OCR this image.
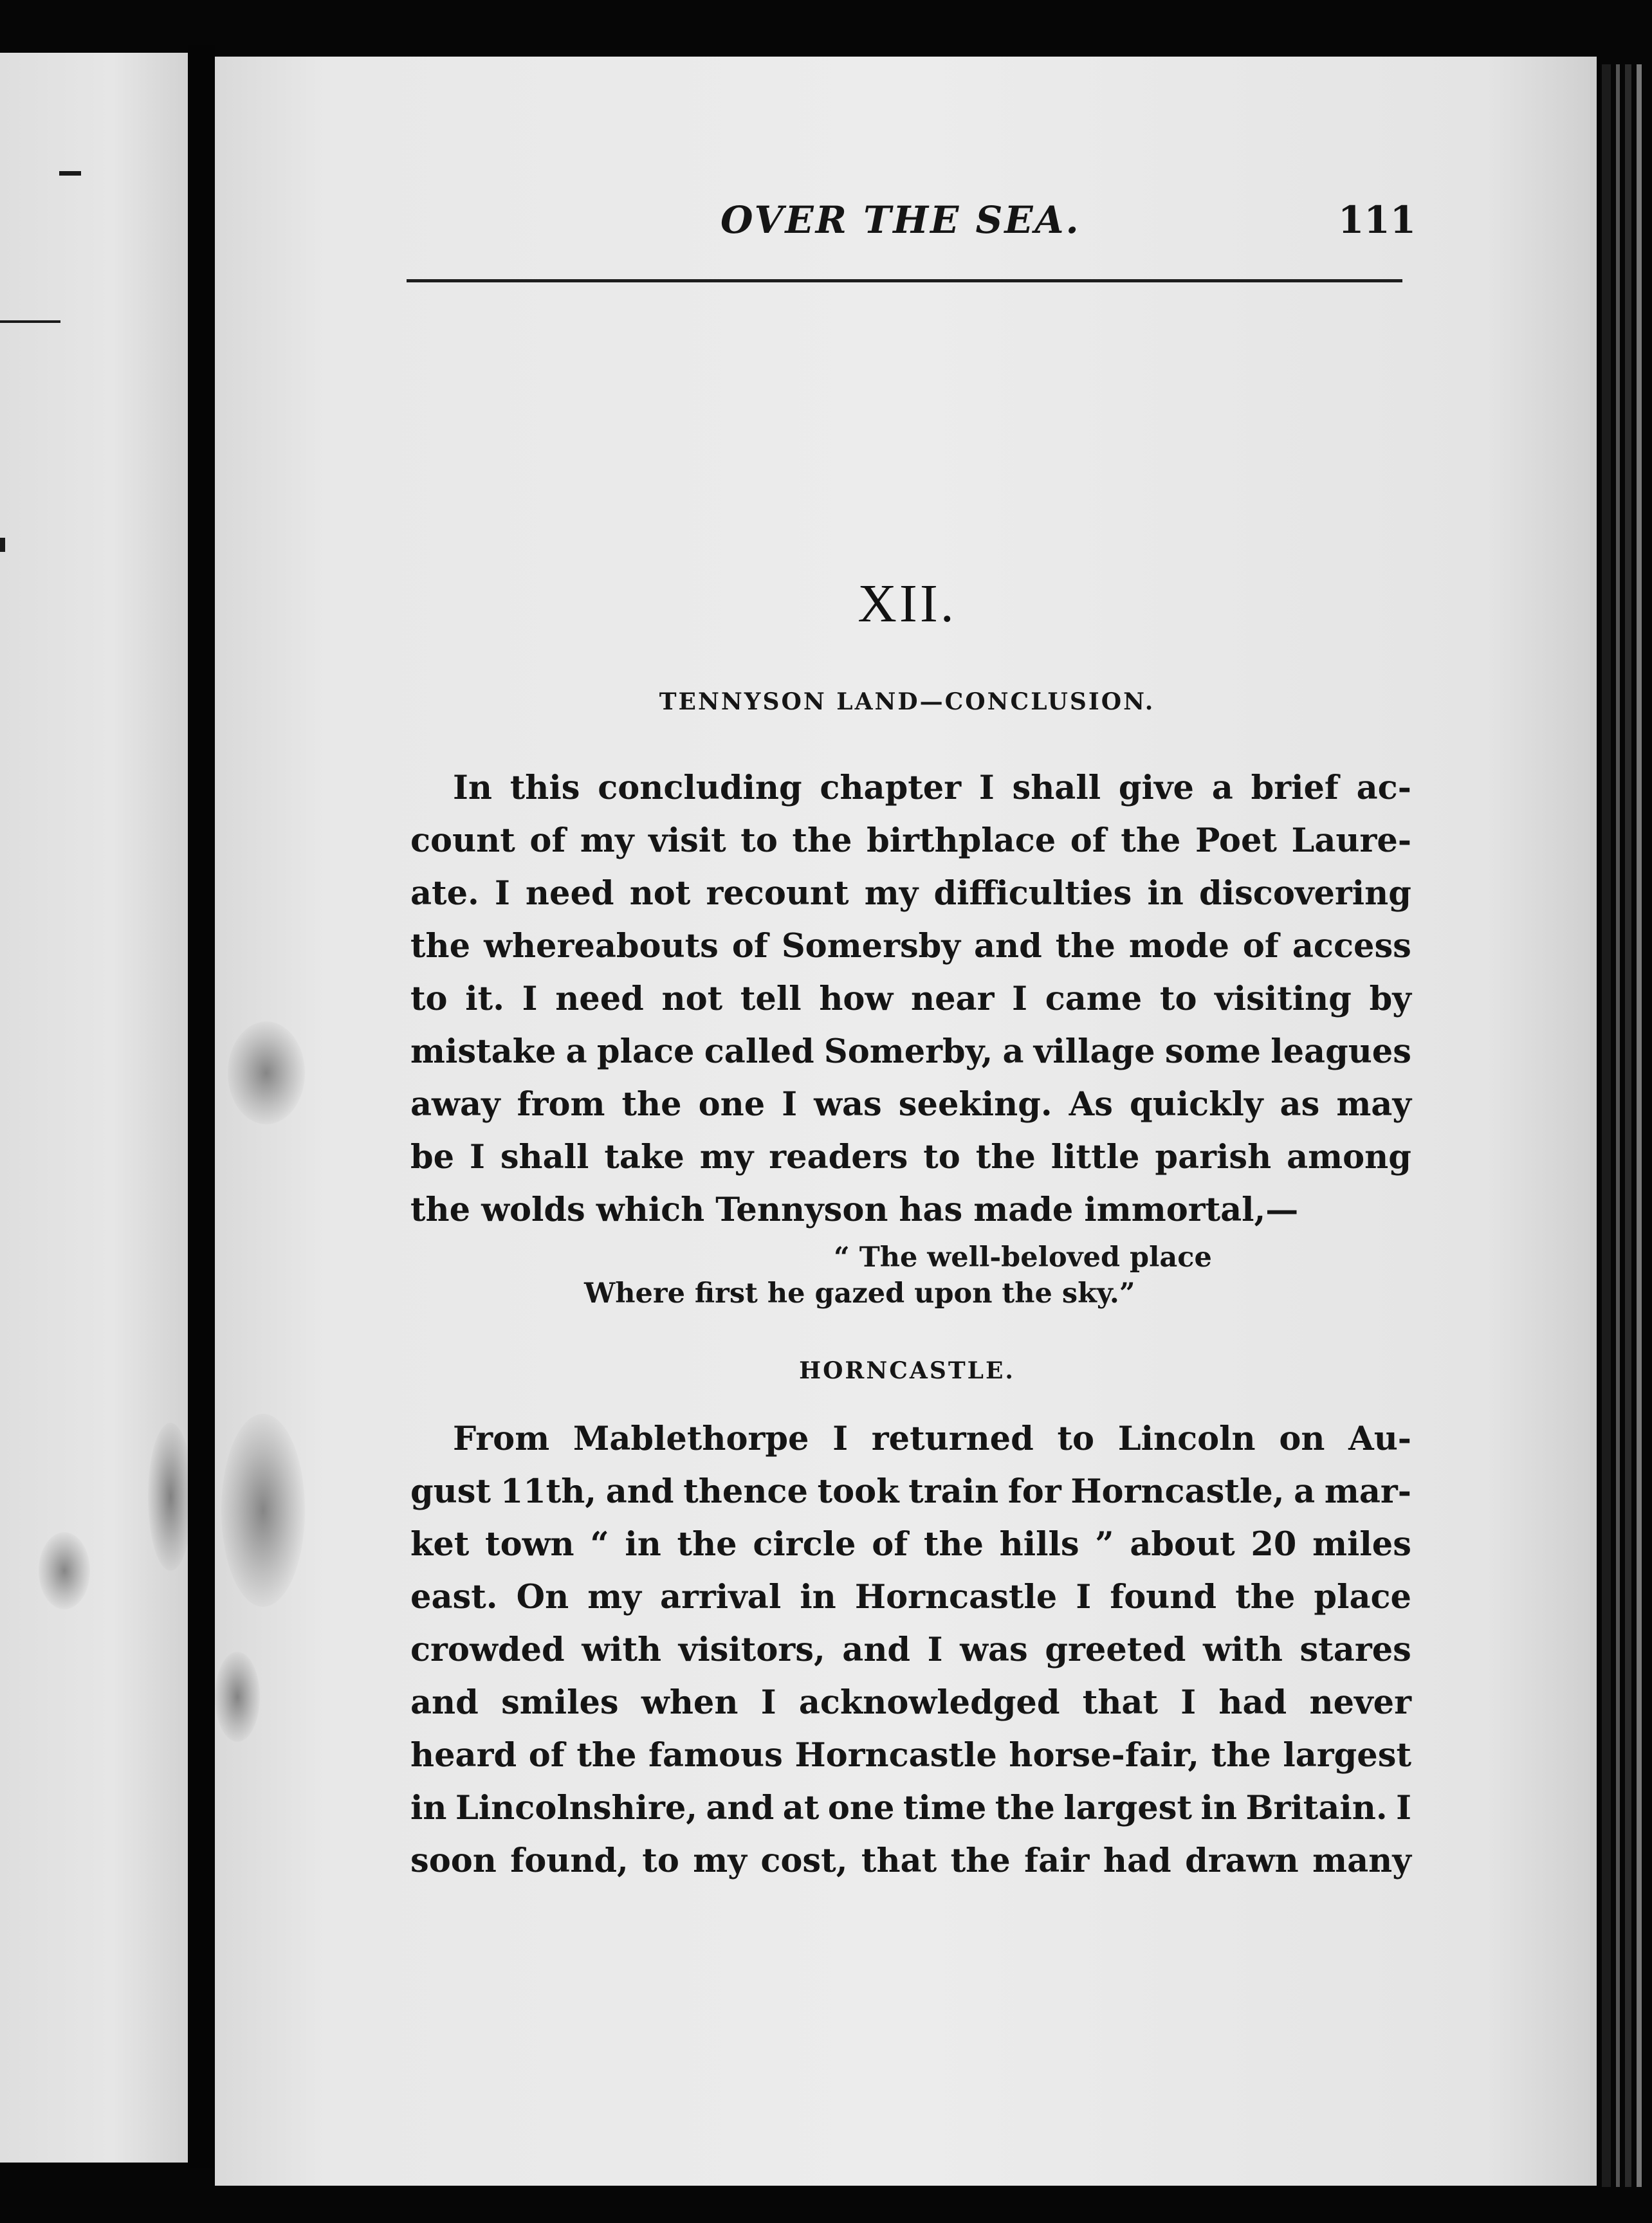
OVER THE SEA.	111
XII.
TENNYSON LAND—CONCLUSION.
In this concluding chapter I shall give a brief ac-
count of my visit to the birthplace of the Poet Laure-
ate. I need not recount my difficulties in discovering
the whereabouts of Somersby and the mode of access
to it. I need not tell how near I came to visiting by
mistake a place called Somerby, a village some leagues
away from the one I was seeking. As quickly as may
be I shall take my readers to the little parish among
the wolds which Tennyson has made immortal,—
“ The well-beloved place
Where first he gazed upon the sky.”
HORNCASTLE.
From Mablethorpe I returned to Lincoln on Au-
gust 11th, and thence took train for Horncastle, a mar-
ket town “ in the circle of the hills ” about 20 miles
east. On my arrival in Horncastle I found the place
crowded with visitors, and I was greeted with stares
and smiles when I acknowledged that I had never
heard of the famous Horncastle horse-fair, the largest
in Lincolnshire, and at one time the largest in Britain. I
soon found, to my cost, that the fair had drawn many
